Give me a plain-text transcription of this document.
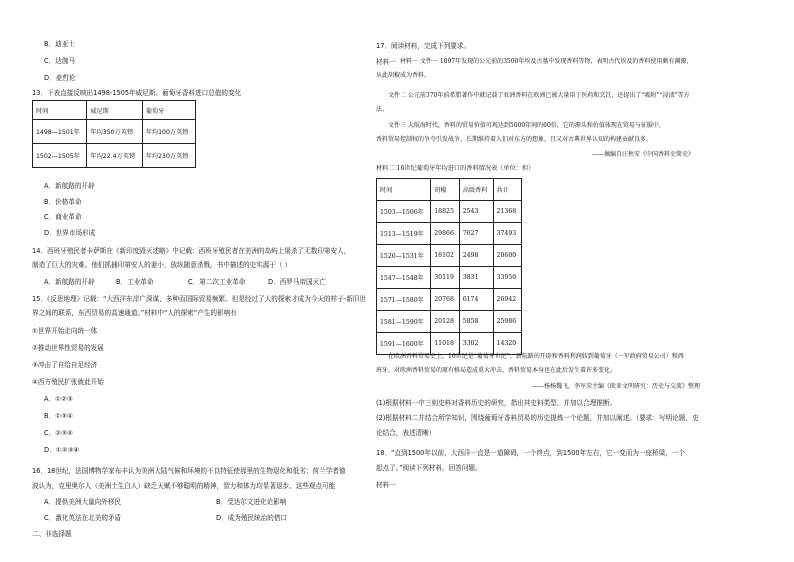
B．迪亚士
C．达伽马
D．麦哲伦
13．下表直接反映出1498-1505年威尼斯、葡萄牙香料进口总值的变化
时间	威尼斯	葡萄牙
1498—1501年	年均350万英镑	年均100万英镑
1502—1505年	年均22.4万英镑	年均230万英镑
A．新航路的开辟
B．价格革命
C．商业革命
D．世界市场形成
14．西班牙殖民者卡萨斯在《新印度毁灭述略》中记载：西班牙殖民者在美洲的岛屿上屠杀了无数印第安人，
制造了巨大的灾难。他们抓捕印第安人的妻小，放纵随意杀戮。书中描述的史实源于（ ）
A．新航路的开辟	B．工业革命	C．第二次工业革命	D．西罗马帝国灭亡
15．《反思地理》记载：“大西洋东岸广深谋，多种而国际贸易频繁。但是经过了人的探索才成为今天的样子-新旧世
界之间的联系，东西贸易的高速通道。”材料中“人的探索”产生的影响有
①世界开始走向统一体
②推动世界性贸易的发展
③冲击了自给自足经济
④西方殖民扩张就此开始
A．①②③
B．①③④
C．②③④
D．①②③④
16．18世纪，法国博物学家布丰认为美洲大陆气候和环境的不良特征使那里的生物退化和低劣；荷兰学者德
波认为，克里奥尔人（美洲土生白人）缺乏天赋不够聪明的精神，智力和体力均显著退步。这些观点可能
A．提供美洲大量向外移民	B．受达尔文进化论影响
C．激化英法在北美的矛盾	D．成为殖民统治的借口
二、非选择题
17．阅读材料，完成下列要求。
材料一 材料一 文件一 1897年发现的公元前的3500年埃及古墓中发现香料等物，表明古代埃及的香料使用颇有渊源，
从此胡椒成为香料。
文件二 公元前370年前希腊著作中就记载了亚洲香料在欧洲已被大量用于医药和烹饪，还提出了“吸附”“浸渍”等方
法。
文件三 大航海时代，香料的贸易价值可观达到5000年间的60倍，它的源头和价值体现在贸易与征服中，
香料贸易控制权的争夺引发战争，长期维持着人们对东方的想象，且又对古典世界认知的构建贡献良多。
——摘编自汪秋安《中国香料史简史》
材料二 16世纪葡萄牙年均进口的香料情况表（单位：担）
时间	胡椒	高级香料	共计
1503—1506年	18825	2543	21368
1513—1519年	29866	7627	37493
1526—1531年	18102	2498	20600
1547—1548年	30119	3831	33950
1571—1580年	20768	6174	26942
1581—1590年	20128	5858	25986
1591—1600年	11018	3302	14320
在欧洲香料贸易史上，16世纪是“葡萄牙世纪”。新航路的开辟和香料利润转到葡萄牙（一军政府贸易公司）和西
班牙，对欧洲香料贸易的原有格局造成重大冲击，香料贸易本身也在此后发生着许多变化。
——杨杨魏飞，李军荣主编《欧亚文明研究：历史与交流》整理
(1)根据材料一中三则史料对香料历史的研究，指出其史料类型，并加以合理推断。
(2)根据材料二并结合所学知识，围绕葡萄牙香料贸易的历史提炼一个论题，并加以阐述。（要求：写明论题，史
论结合，表述清晰）
18．“直到1500年以前，大西洋一直是一道障碍，一个终点，到1500年左右，它一变而为一座桥梁，一个
起点了。”阅读下列材料，回答问题。
材料一
